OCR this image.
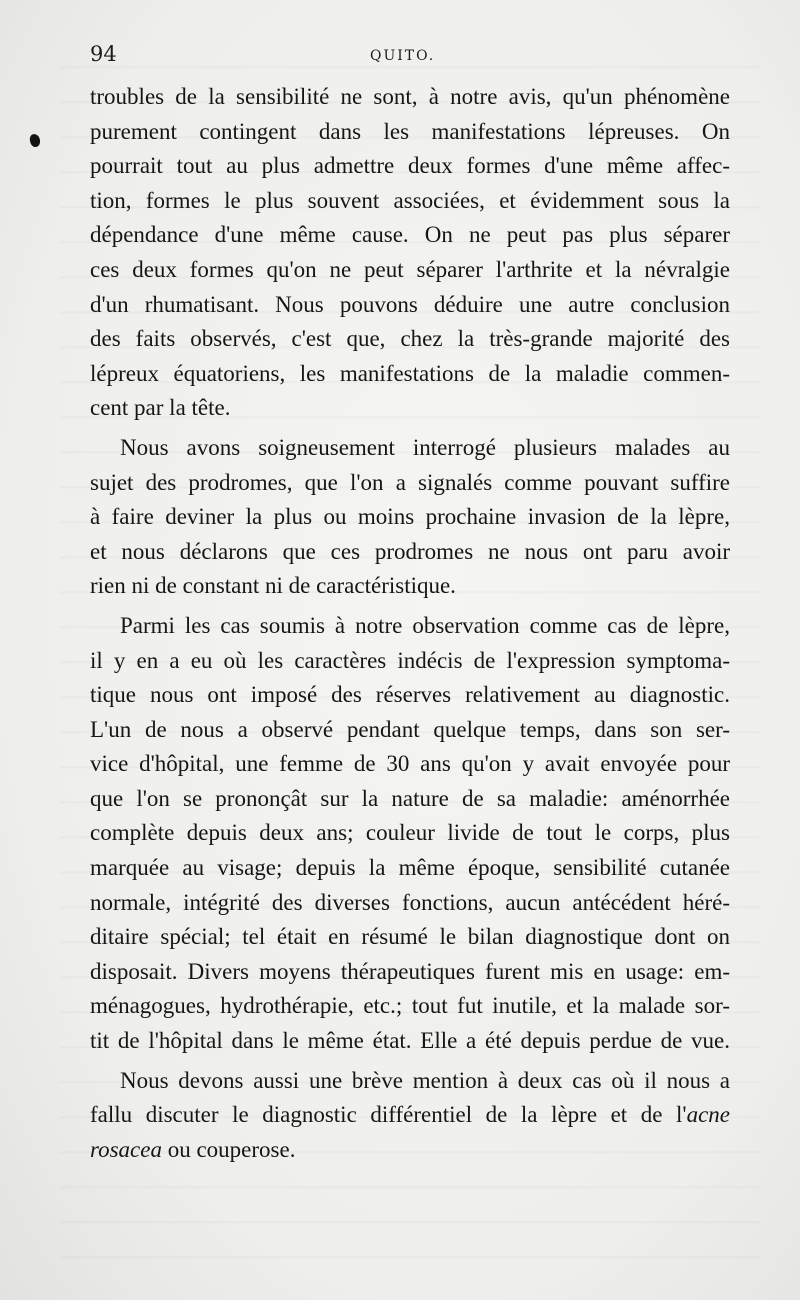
94	QUITO.
troubles de la sensibilité ne sont, à notre avis, qu'un phénomène
purement contingent dans les manifestations lépreuses. On
pourrait tout au plus admettre deux formes d'une même affec-
tion, formes le plus souvent associées, et évidemment sous la
dépendance d'une même cause. On ne peut pas plus séparer
ces deux formes qu'on ne peut séparer l'arthrite et la névralgie
d'un rhumatisant. Nous pouvons déduire une autre conclusion
des faits observés, c'est que, chez la très-grande majorité des
lépreux équatoriens, les manifestations de la maladie commen-
cent par la tête.
Nous avons soigneusement interrogé plusieurs malades au
sujet des prodromes, que l'on a signalés comme pouvant suffire
à faire deviner la plus ou moins prochaine invasion de la lèpre,
et nous déclarons que ces prodromes ne nous ont paru avoir
rien ni de constant ni de caractéristique.
Parmi les cas soumis à notre observation comme cas de lèpre,
il y en a eu où les caractères indécis de l'expression symptoma-
tique nous ont imposé des réserves relativement au diagnostic.
L'un de nous a observé pendant quelque temps, dans son ser-
vice d'hôpital, une femme de 30 ans qu'on y avait envoyée pour
que l'on se prononçât sur la nature de sa maladie: aménorrhée
complète depuis deux ans; couleur livide de tout le corps, plus
marquée au visage; depuis la même époque, sensibilité cutanée
normale, intégrité des diverses fonctions, aucun antécédent héré-
ditaire spécial; tel était en résumé le bilan diagnostique dont on
disposait. Divers moyens thérapeutiques furent mis en usage: em-
ménagogues, hydrothérapie, etc.; tout fut inutile, et la malade sor-
tit de l'hôpital dans le même état. Elle a été depuis perdue de vue.
Nous devons aussi une brève mention à deux cas où il nous a
fallu discuter le diagnostic différentiel de la lèpre et de l'acne
rosacea ou couperose.
